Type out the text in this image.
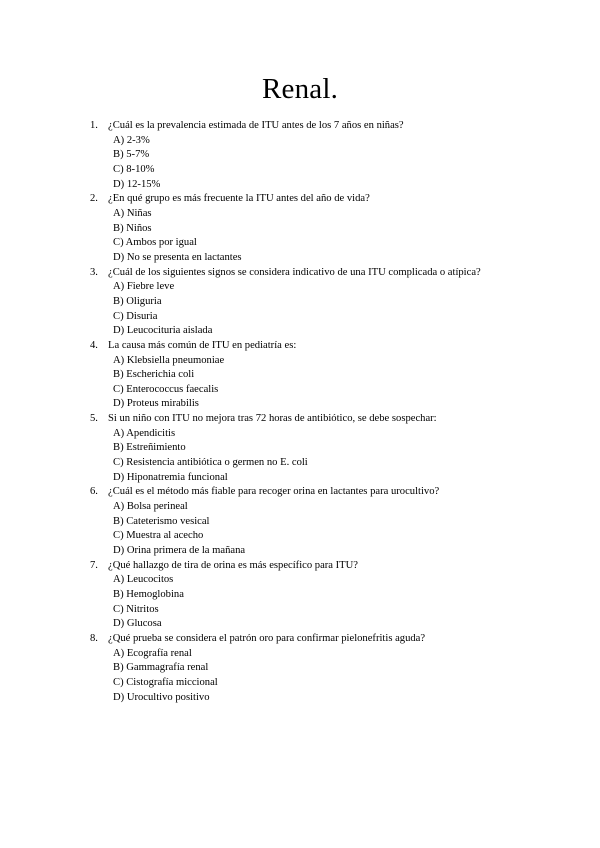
Renal.
1. ¿Cuál es la prevalencia estimada de ITU antes de los 7 años en niñas?
A) 2-3%
B) 5-7%
C) 8-10%
D) 12-15%
2. ¿En qué grupo es más frecuente la ITU antes del año de vida?
A) Niñas
B) Niños
C) Ambos por igual
D) No se presenta en lactantes
3. ¿Cuál de los siguientes signos se considera indicativo de una ITU complicada o atípica?
A) Fiebre leve
B) Oliguria
C) Disuria
D) Leucocituria aislada
4. La causa más común de ITU en pediatría es:
A) Klebsiella pneumoniae
B) Escherichia coli
C) Enterococcus faecalis
D) Proteus mirabilis
5. Si un niño con ITU no mejora tras 72 horas de antibiótico, se debe sospechar:
A) Apendicitis
B) Estreñimiento
C) Resistencia antibiótica o germen no E. coli
D) Hiponatremia funcional
6. ¿Cuál es el método más fiable para recoger orina en lactantes para urocultivo?
A) Bolsa perineal
B) Cateterismo vesical
C) Muestra al acecho
D) Orina primera de la mañana
7. ¿Qué hallazgo de tira de orina es más específico para ITU?
A) Leucocitos
B) Hemoglobina
C) Nitritos
D) Glucosa
8. ¿Qué prueba se considera el patrón oro para confirmar pielonefritis aguda?
A) Ecografía renal
B) Gammagrafía renal
C) Cistografía miccional
D) Urocultivo positivo
